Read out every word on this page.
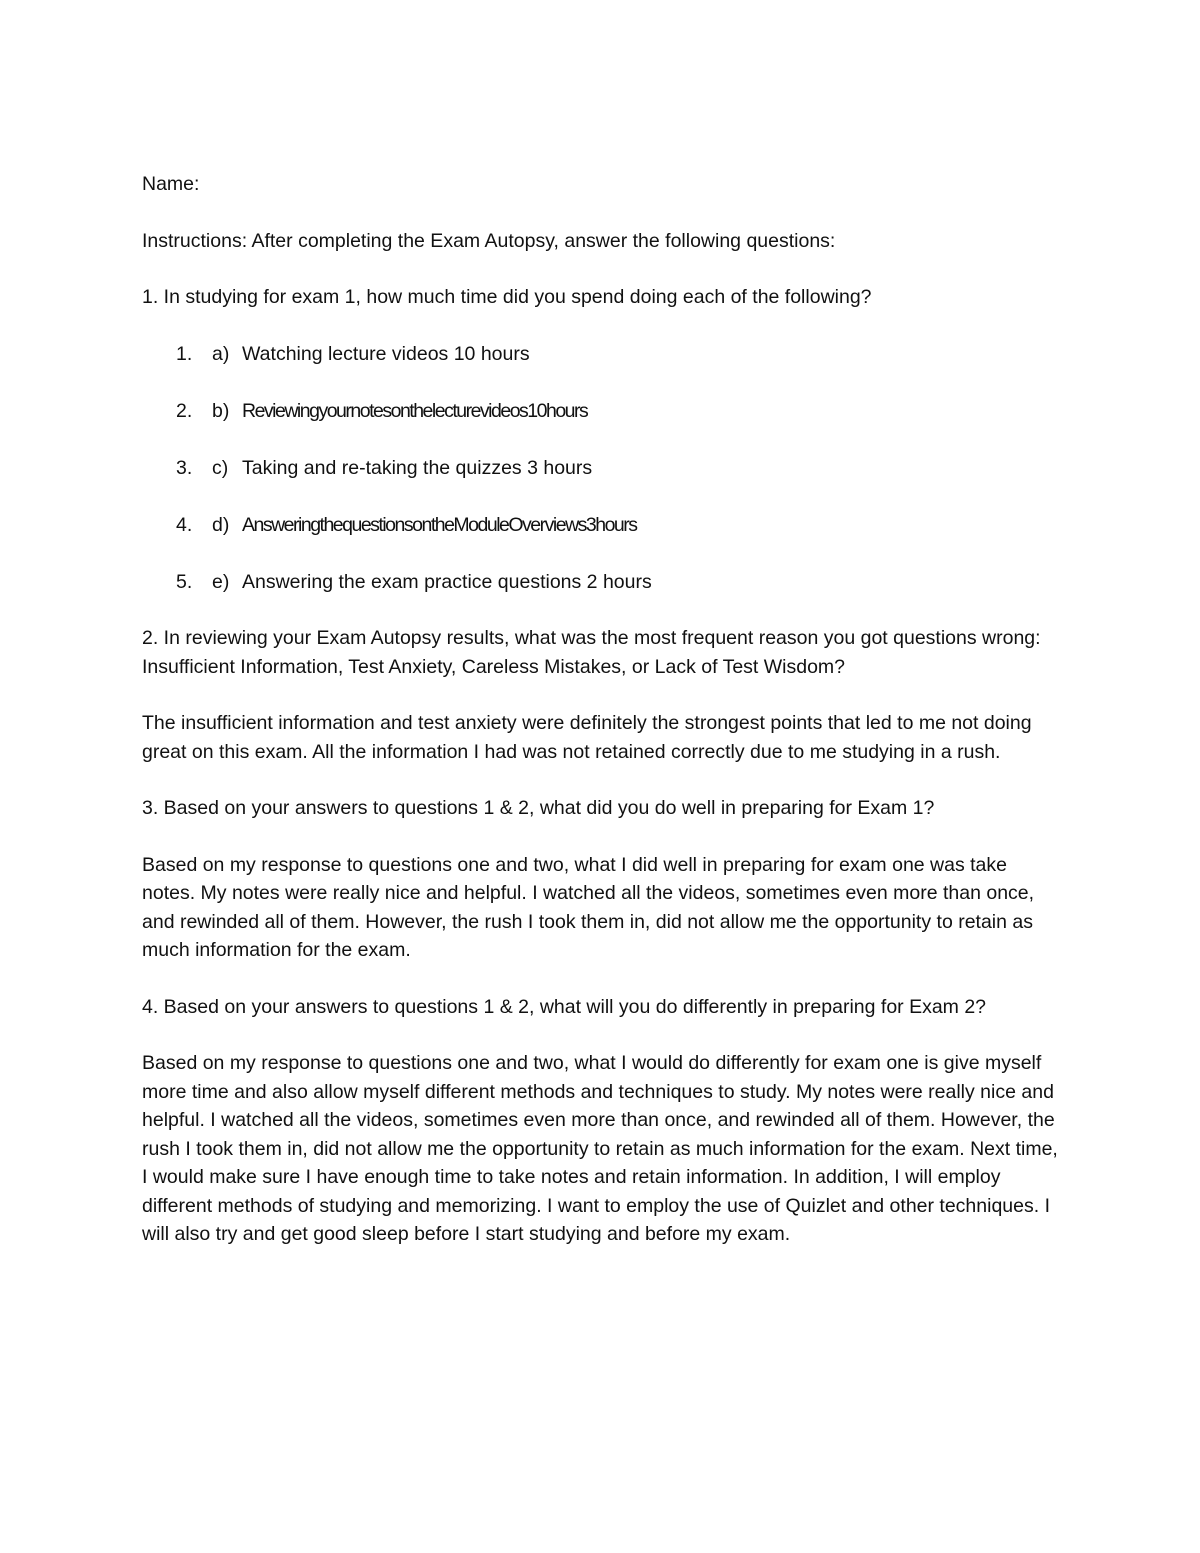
Name:

Instructions: After completing the Exam Autopsy, answer the following questions:

1. In studying for exam 1, how much time did you spend doing each of the following?

1.	a) Watching lecture videos 10 hours
2.	b) Reviewingyournotesonthelecturevideos10hours
3.	c) Taking and re-taking the quizzes 3 hours
4.	d) AnsweringthequestionsontheModuleOverviews3hours
5.	e) Answering the exam practice questions 2 hours

2. In reviewing your Exam Autopsy results, what was the most frequent reason you got questions wrong: Insufficient Information, Test Anxiety, Careless Mistakes, or Lack of Test Wisdom?

The insufficient information and test anxiety were definitely the strongest points that led to me not doing great on this exam. All the information I had was not retained correctly due to me studying in a rush.

3. Based on your answers to questions 1 & 2, what did you do well in preparing for Exam 1?

Based on my response to questions one and two, what I did well in preparing for exam one was take notes. My notes were really nice and helpful. I watched all the videos, sometimes even more than once, and rewinded all of them. However, the rush I took them in, did not allow me the opportunity to retain as much information for the exam.

4. Based on your answers to questions 1 & 2, what will you do differently in preparing for Exam 2?

Based on my response to questions one and two, what I would do differently for exam one is give myself more time and also allow myself different methods and techniques to study. My notes were really nice and helpful. I watched all the videos, sometimes even more than once, and rewinded all of them. However, the rush I took them in, did not allow me the opportunity to retain as much information for the exam. Next time, I would make sure I have enough time to take notes and retain information. In addition, I will employ different methods of studying and memorizing. I want to employ the use of Quizlet and other techniques. I will also try and get good sleep before I start studying and before my exam.
